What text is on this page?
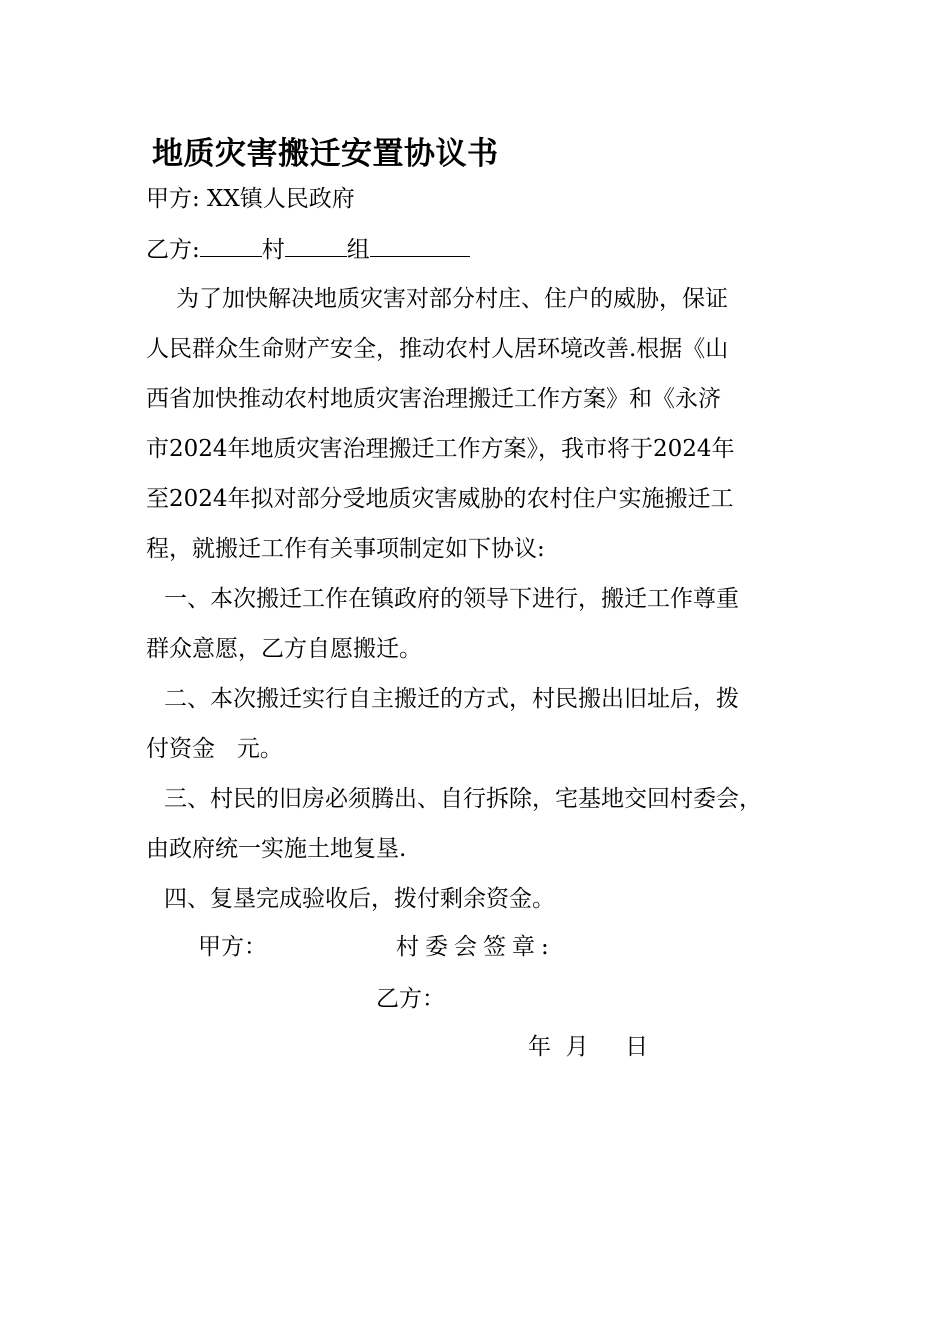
地质灾害搬迁安置协议书
甲方: XX镇人民政府
乙方:	村	组
为了加快解决地质灾害对部分村庄、住户的威胁，保证
人民群众生命财产安全，推动农村人居环境改善.根据《山
西省加快推动农村地质灾害治理搬迁工作方案》和《永济
市2024年地质灾害治理搬迁工作方案》，我市将于2024年
至2024年拟对部分受地质灾害威胁的农村住户实施搬迁工
程，就搬迁工作有关事项制定如下协议:
一、本次搬迁工作在镇政府的领导下进行，搬迁工作尊重
群众意愿，乙方自愿搬迁。
二、本次搬迁实行自主搬迁的方式，村民搬出旧址后，拨
付资金   元。
三、村民的旧房必须腾出、自行拆除，宅基地交回村委会，
由政府统一实施土地复垦.
四、复垦完成验收后，拨付剩余资金。
甲方：	村委会签章:
乙方：
年  月     日
